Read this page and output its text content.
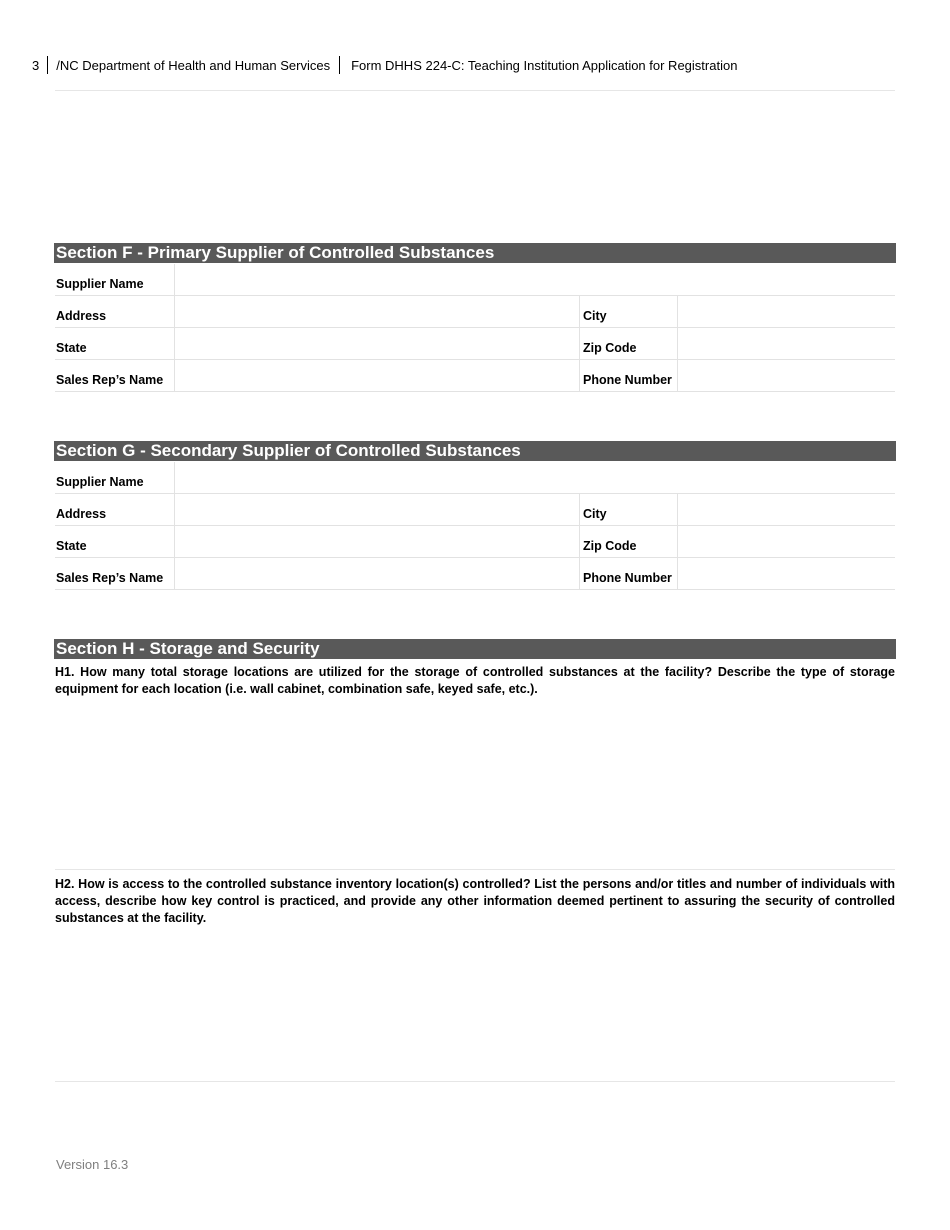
3	/NC Department of Health and Human Services	Form DHHS 224-C: Teaching Institution Application for Registration
Section F - Primary Supplier of Controlled Substances
Supplier Name
Address	City
State	Zip Code
Sales Rep’s Name	Phone Number
Section G - Secondary Supplier of Controlled Substances
Supplier Name
Address	City
State	Zip Code
Sales Rep’s Name	Phone Number
Section H - Storage and Security
H1. How many total storage locations are utilized for the storage of controlled substances at the facility? Describe the type of storage equipment for each location (i.e. wall cabinet, combination safe, keyed safe, etc.).
H2. How is access to the controlled substance inventory location(s) controlled? List the persons and/or titles and number of individuals with access, describe how key control is practiced, and provide any other information deemed pertinent to assuring the security of controlled substances at the facility.
Version 16.3
